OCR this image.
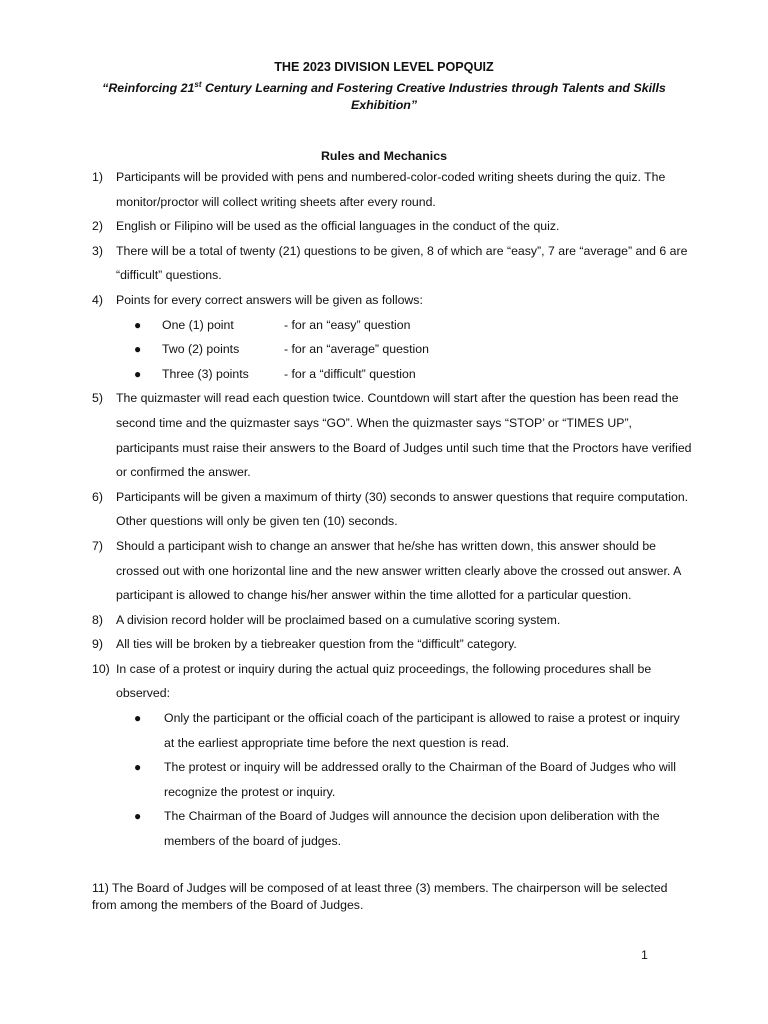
THE 2023 DIVISION LEVEL POPQUIZ
“Reinforcing 21st Century Learning and Fostering Creative Industries through Talents and Skills Exhibition”
Rules and Mechanics
1) Participants will be provided with pens and numbered-color-coded writing sheets during the quiz. The monitor/proctor will collect writing sheets after every round.
2) English or Filipino will be used as the official languages in the conduct of the quiz.
3) There will be a total of twenty (21) questions to be given, 8 of which are “easy”, 7 are “average” and 6 are “difficult” questions.
4) Points for every correct answers will be given as follows:
● One (1) point	- for an “easy” question
● Two (2) points	- for an “average” question
● Three (3) points	- for a “difficult” question
5) The quizmaster will read each question twice. Countdown will start after the question has been read the second time and the quizmaster says “GO”. When the quizmaster says “STOP’ or “TIMES UP”, participants must raise their answers to the Board of Judges until such time that the Proctors have verified or confirmed the answer.
6) Participants will be given a maximum of thirty (30) seconds to answer questions that require computation. Other questions will only be given ten (10) seconds.
7) Should a participant wish to change an answer that he/she has written down, this answer should be crossed out with one horizontal line and the new answer written clearly above the crossed out answer. A participant is allowed to change his/her answer within the time allotted for a particular question.
8) A division record holder will be proclaimed based on a cumulative scoring system.
9) All ties will be broken by a tiebreaker question from the “difficult” category.
10) In case of a protest or inquiry during the actual quiz proceedings, the following procedures shall be observed:
● Only the participant or the official coach of the participant is allowed to raise a protest or inquiry at the earliest appropriate time before the next question is read.
● The protest or inquiry will be addressed orally to the Chairman of the Board of Judges who will recognize the protest or inquiry.
● The Chairman of the Board of Judges will announce the decision upon deliberation with the members of the board of judges.
11) The Board of Judges will be composed of at least three (3) members. The chairperson will be selected from among the members of the Board of Judges.
1
